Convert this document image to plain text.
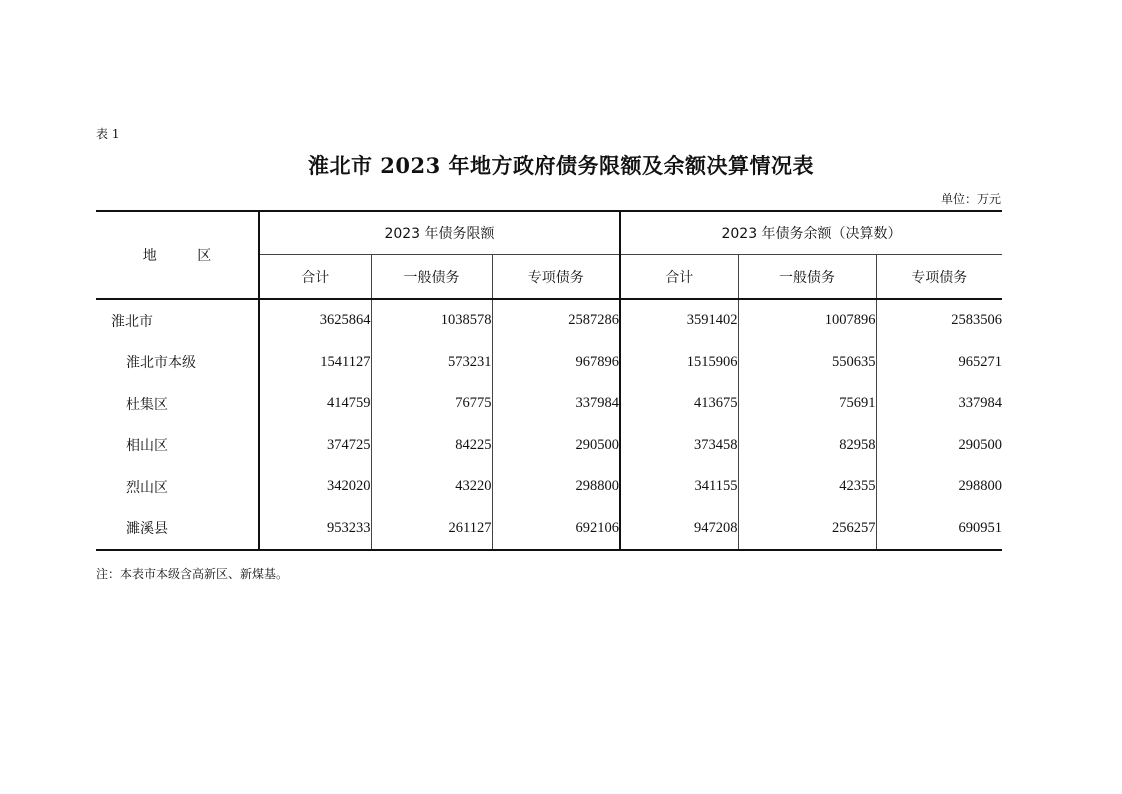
表 1
淮北市 2023 年地方政府债务限额及余额决算情况表
单位：万元
地 区	2023 年债务限额			2023 年债务余额（决算数）		
	合计	一般债务	专项债务	合计	一般债务	专项债务
淮北市	3625864	1038578	2587286	3591402	1007896	2583506
淮北市本级	1541127	573231	967896	1515906	550635	965271
杜集区	414759	76775	337984	413675	75691	337984
相山区	374725	84225	290500	373458	82958	290500
烈山区	342020	43220	298800	341155	42355	298800
濉溪县	953233	261127	692106	947208	256257	690951
注：本表市本级含高新区、新煤基。
